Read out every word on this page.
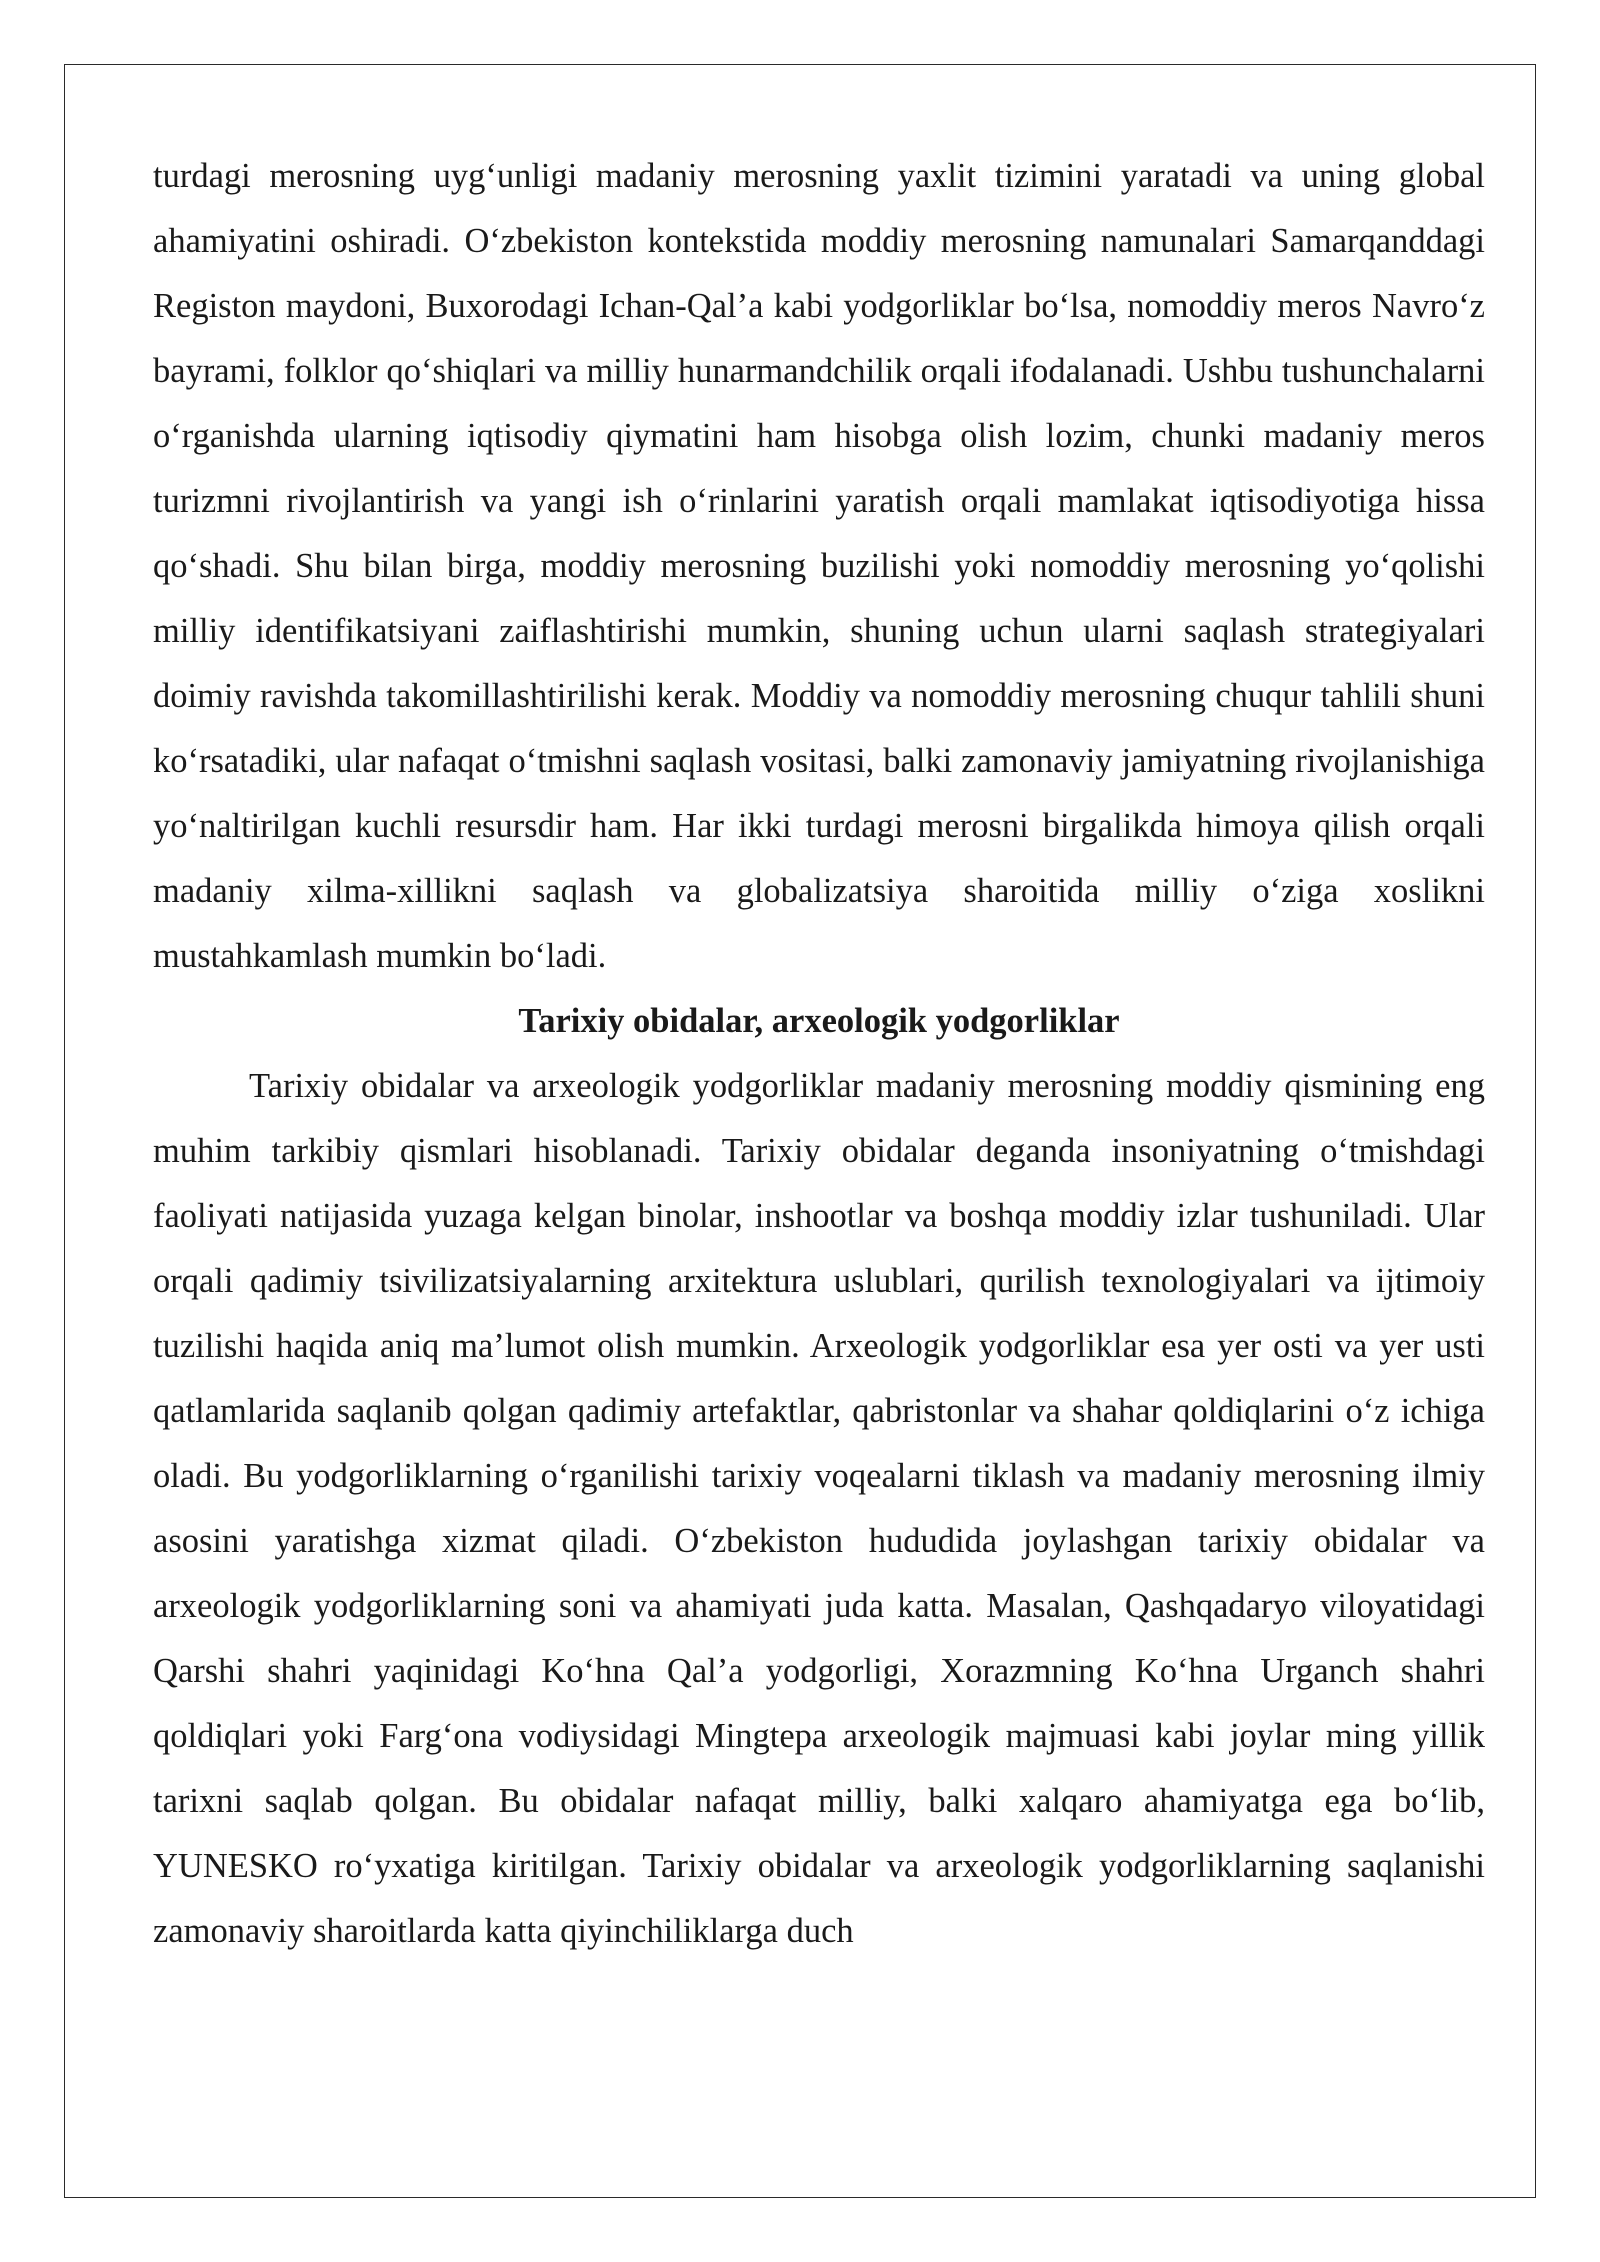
turdagi merosning uyg‘unligi madaniy merosning yaxlit tizimini yaratadi va uning global ahamiyatini oshiradi. O‘zbekiston kontekstida moddiy merosning namunalari Samarqanddagi Registon maydoni, Buxorodagi Ichan-Qal’a kabi yodgorliklar bo‘lsa, nomoddiy meros Navro‘z bayrami, folklor qo‘shiqlari va milliy hunarmandchilik orqali ifodalanadi. Ushbu tushunchalarni o‘rganishda ularning iqtisodiy qiymatini ham hisobga olish lozim, chunki madaniy meros turizmni rivojlantirish va yangi ish o‘rinlarini yaratish orqali mamlakat iqtisodiyotiga hissa qo‘shadi. Shu bilan birga, moddiy merosning buzilishi yoki nomoddiy merosning yo‘qolishi milliy identifikatsiyani zaiflashtirishi mumkin, shuning uchun ularni saqlash strategiyalari doimiy ravishda takomillashtirilishi kerak. Moddiy va nomoddiy merosning chuqur tahlili shuni ko‘rsatadiki, ular nafaqat o‘tmishni saqlash vositasi, balki zamonaviy jamiyatning rivojlanishiga yo‘naltirilgan kuchli resursdir ham. Har ikki turdagi merosni birgalikda himoya qilish orqali madaniy xilma-xillikni saqlash va globalizatsiya sharoitida milliy o‘ziga xoslikni mustahkamlash mumkin bo‘ladi.

Tarixiy obidalar, arxeologik yodgorliklar

Tarixiy obidalar va arxeologik yodgorliklar madaniy merosning moddiy qismining eng muhim tarkibiy qismlari hisoblanadi. Tarixiy obidalar deganda insoniyatning o‘tmishdagi faoliyati natijasida yuzaga kelgan binolar, inshootlar va boshqa moddiy izlar tushuniladi. Ular orqali qadimiy tsivilizatsiyalarning arxitektura uslublari, qurilish texnologiyalari va ijtimoiy tuzilishi haqida aniq ma’lumot olish mumkin. Arxeologik yodgorliklar esa yer osti va yer usti qatlamlarida saqlanib qolgan qadimiy artefaktlar, qabristonlar va shahar qoldiqlarini o‘z ichiga oladi. Bu yodgorliklarning o‘rganilishi tarixiy voqealarni tiklash va madaniy merosning ilmiy asosini yaratishga xizmat qiladi. O‘zbekiston hududida joylashgan tarixiy obidalar va arxeologik yodgorliklarning soni va ahamiyati juda katta. Masalan, Qashqadaryo viloyatidagi Qarshi shahri yaqinidagi Ko‘hna Qal’a yodgorligi, Xorazmning Ko‘hna Urganch shahri qoldiqlari yoki Farg‘ona vodiysidagi Mingtepa arxeologik majmuasi kabi joylar ming yillik tarixni saqlab qolgan. Bu obidalar nafaqat milliy, balki xalqaro ahamiyatga ega bo‘lib, YUNESKO ro‘yxatiga kiritilgan. Tarixiy obidalar va arxeologik yodgorliklarning saqlanishi zamonaviy sharoitlarda katta qiyinchiliklarga duch
